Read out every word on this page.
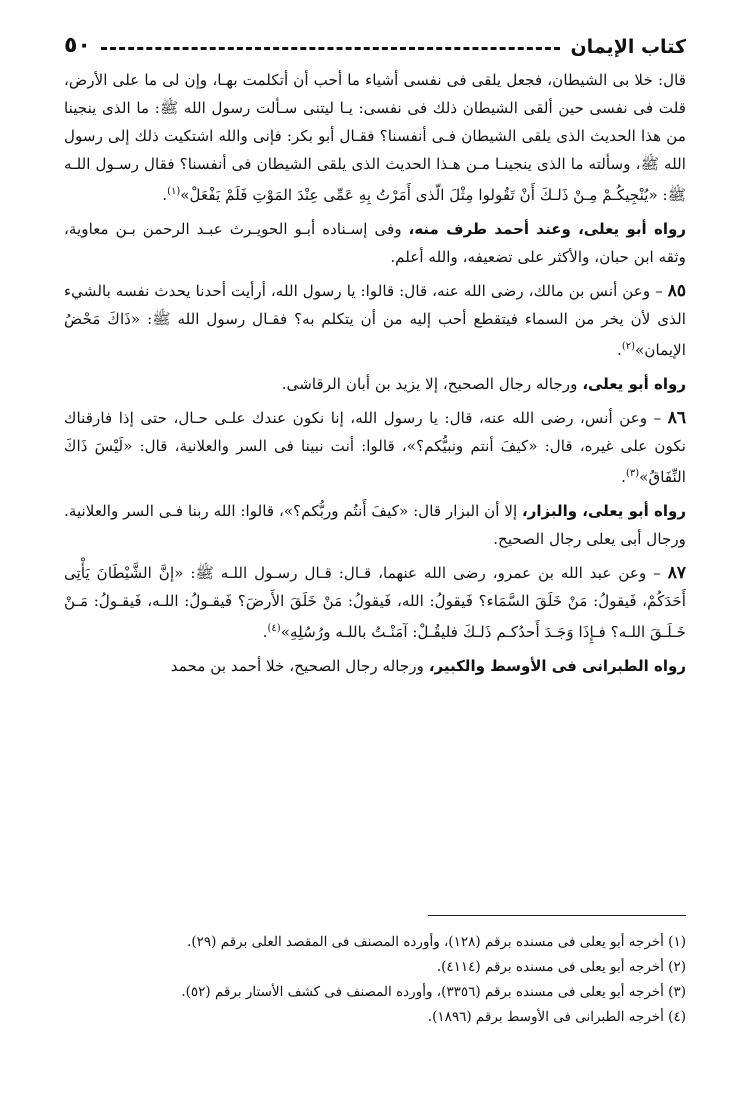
كتاب الإيمان
٥٠

قال: خلا بى الشيطان، فجعل يلقى فى نفسى أشياء ما أحب أن أتكلمت بهـا، وإن لى ما على الأرض، قلت فى نفسى حين ألقى الشيطان ذلك فى نفسى: يـا ليتنى سـألت رسول الله ﷺ: ما الذى ينجينا من هذا الحديث الذى يلقى الشيطان فـى أنفسنا؟ فقـال أبو بكر: فإنى والله اشتكيت ذلك إلى رسول الله ﷺ، وسألته ما الذى ينجينـا مـن هـذا الحديث الذى يلقى الشيطان فى أنفسنا؟ فقال رسـول اللـه ﷺ: «يُنْجِيكُـمْ مِـنْ ذَلـكَ أَنْ تَقُولوا مِثْلَ الّذى أَمَرْتُ بِهِ عَمِّى عِنْدَ المَوْتِ فَلَمْ يَفْعَلْ»$^{(١)}$.

رواه أبو يعلى، وعند أحمد طرف منه، وفى إسـناده أبـو الحويـرث عبـد الرحمن بـن معاوية، وثقه ابن حبان، والأكثر على تضعيفه، والله أعلم.

٨٥ – وعن أنس بن مالك، رضى الله عنه، قال: قالوا: يا رسول الله، أرأيت أحدنا يحدث نفسه بالشيء الذى لأن يخر من السماء فيتقطع أحب إليه من أن يتكلم به؟ فقـال رسول الله ﷺ: «ذَاكَ مَحْضُ الإيمان»$^{(٢)}$.

رواه أبو يعلى، ورجاله رجال الصحيح، إلا يزيد بن أبان الرقاشى.

٨٦ – وعن أنس، رضى الله عنه، قال: يا رسول الله، إنا نكون عندك علـى حـال، حتى إذا فارقناك نكون على غيره، قال: «كيفَ أنتم ونبيُّكم؟»، قالوا: أنت نبينا فى السر والعلانية، قال: «لَيْسَ ذَاكَ النِّفَاقُ»$^{(٣)}$.

رواه أبو يعلى، والبزار، إلا أن البزار قال: «كيفَ أَنتُم وربُّكم؟»، قالوا: الله ربنا فـى السر والعلانية. ورجال أبى يعلى رجال الصحيح.

٨٧ – وعن عبد الله بن عمرو، رضى الله عنهما، قـال: قـال رسـول اللـه ﷺ: «إنَّ الشَّيْطَانَ يَأْتِى أَحَدَكُمْ، فَيقولُ: مَنْ خَلَقَ السَّمَاء؟ فَيقولُ: الله، فَيقولُ: مَنْ خَلَقَ الأَرضَ؟ فَيقـولُ: اللـه، فَيقـولُ: مَـنْ خَـلَـقَ اللـه؟ فـإِذَا وَجَـدَ أَحدُكـم ذَلـكَ فليقُـلْ: آمَنْـتُ باللـه ورُسُلِهِ»$^{(٤)}$.

رواه الطبرانى فى الأوسط والكبير، ورجاله رجال الصحيح، خلا أحمد بن محمد

(١) أخرجه أبو يعلى فى مسنده برقم (١٢٨)، وأورده المصنف فى المقصد العلى برقم (٢٩).
(٢) أخرجه أبو يعلى فى مسنده برقم (٤١١٤).
(٣) أخرجه أبو يعلى فى مسنده برقم (٣٣٥٦)، وأورده المصنف فى كشف الأستار برقم (٥٢).
(٤) أخرجه الطبرانى فى الأوسط برقم (١٨٩٦).
